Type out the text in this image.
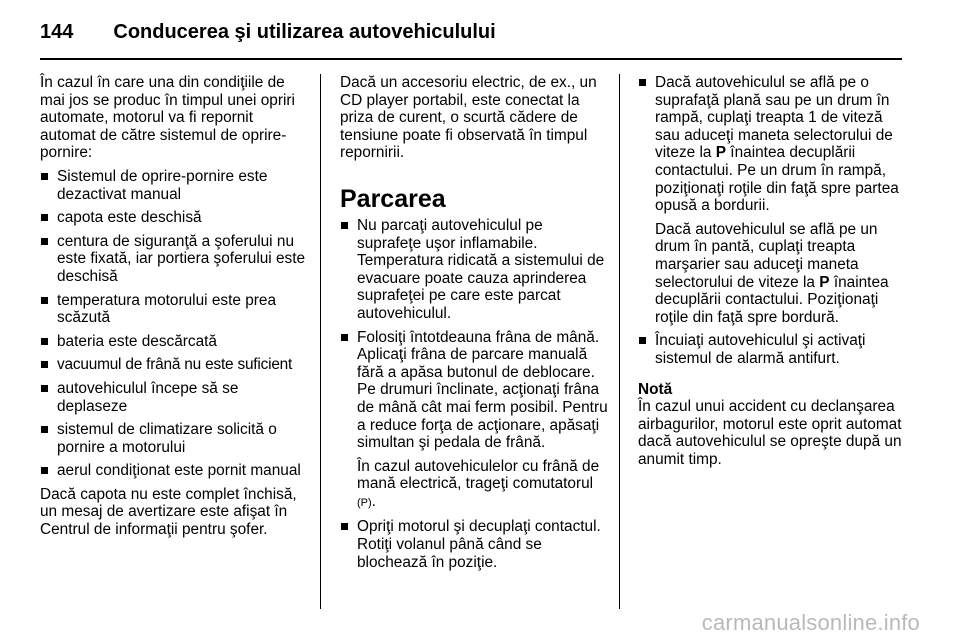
144 Conducerea şi utilizarea autovehiculului

În cazul în care una din condiţiile de mai jos se produc în timpul unei opriri automate, motorul va fi repornit automat de către sistemul de oprire-pornire:

Sistemul de oprire-pornire este dezactivat manual
capota este deschisă
centura de siguranţă a şoferului nu este fixată, iar portiera şoferului este deschisă
temperatura motorului este prea scăzută
bateria este descărcată
vacuumul de frână nu este suficient
autovehiculul începe să se deplaseze
sistemul de climatizare solicită o pornire a motorului
aerul condiţionat este pornit manual

Dacă capota nu este complet închisă, un mesaj de avertizare este afişat în Centrul de informaţii pentru şofer.

Dacă un accesoriu electric, de ex., un CD player portabil, este conectat la priza de curent, o scurtă cădere de tensiune poate fi observată în timpul repornirii.

Parcarea
Nu parcaţi autovehiculul pe suprafeţe uşor inflamabile. Temperatura ridicată a sistemului de evacuare poate cauza aprinderea suprafeţei pe care este parcat autovehiculul.
Folosiţi întotdeauna frâna de mână. Aplicaţi frâna de parcare manuală fără a apăsa butonul de deblocare. Pe drumuri înclinate, acţionaţi frâna de mână cât mai ferm posibil. Pentru a reduce forţa de acţionare, apăsaţi simultan şi pedala de frână.
În cazul autovehiculelor cu frână de mană electrică, trageţi comutatorul (P).
Opriţi motorul şi decuplaţi contactul. Rotiţi volanul până când se blochează în poziţie.
Dacă autovehiculul se află pe o suprafaţă plană sau pe un drum în rampă, cuplaţi treapta 1 de viteză sau aduceţi maneta selectorului de viteze la P înaintea decuplării contactului. Pe un drum în rampă, poziţionaţi roţile din faţă spre partea opusă a bordurii.
Dacă autovehiculul se află pe un drum în pantă, cuplaţi treapta marşarier sau aduceţi maneta selectorului de viteze la P înaintea decuplării contactului. Poziţionaţi roţile din faţă spre bordură.
Încuiaţi autovehiculul şi activaţi sistemul de alarmă antifurt.
Notă

În cazul unui accident cu declanşarea airbagurilor, motorul este oprit automat dacă autovehiculul se opreşte după un anumit timp.

carmanualsonline.info
